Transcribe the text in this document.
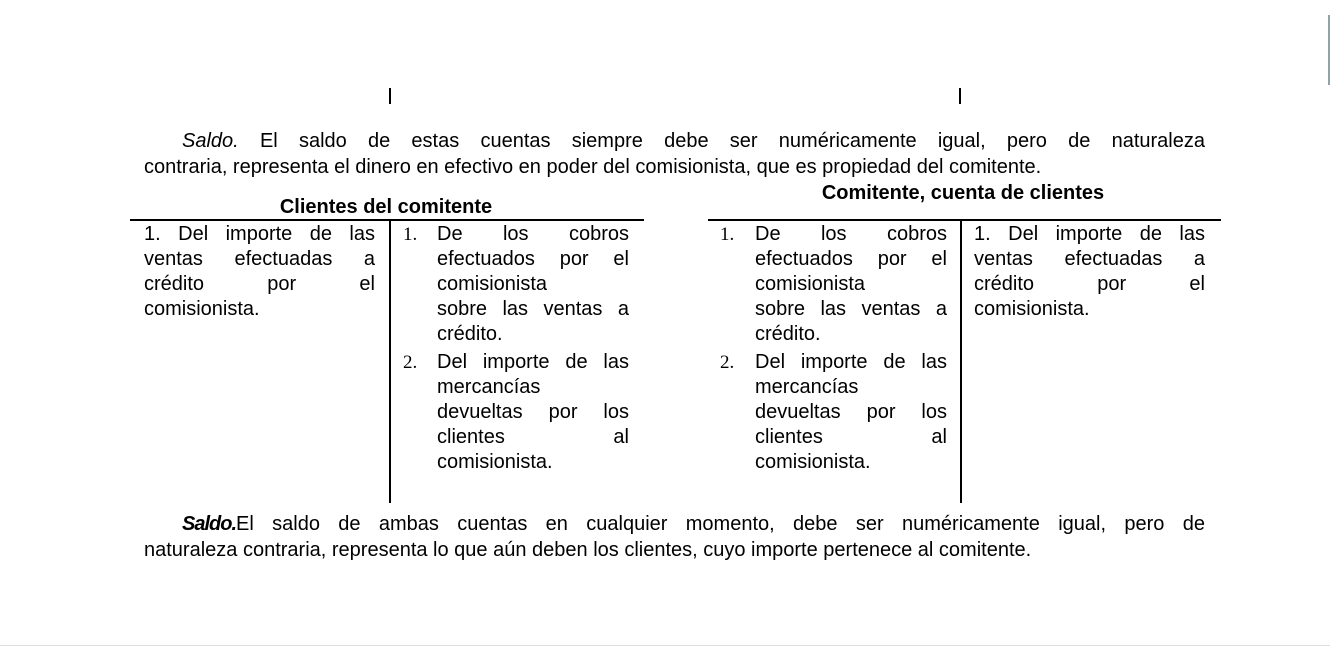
Saldo. El saldo de estas cuentas siempre debe ser numéricamente igual, pero de naturaleza
contraria, representa el dinero en efectivo en poder del comisionista, que es propiedad del comitente.
Clientes del comitente
1. Del importe de las
ventas efectuadas a
crédito por el
comisionista.
1. De los cobros
efectuados por el
comisionista
sobre las ventas a
crédito.
2. Del importe de las
mercancías
devueltas por los
clientes al
comisionista.
Comitente, cuenta de clientes
1. De los cobros
efectuados por el
comisionista
sobre las ventas a
crédito.
2. Del importe de las
mercancías
devueltas por los
clientes al
comisionista.
1. Del importe de las
ventas efectuadas a
crédito por el
comisionista.
Saldo.El saldo de ambas cuentas en cualquier momento, debe ser numéricamente igual, pero de
naturaleza contraria, representa lo que aún deben los clientes, cuyo importe pertenece al comitente.
